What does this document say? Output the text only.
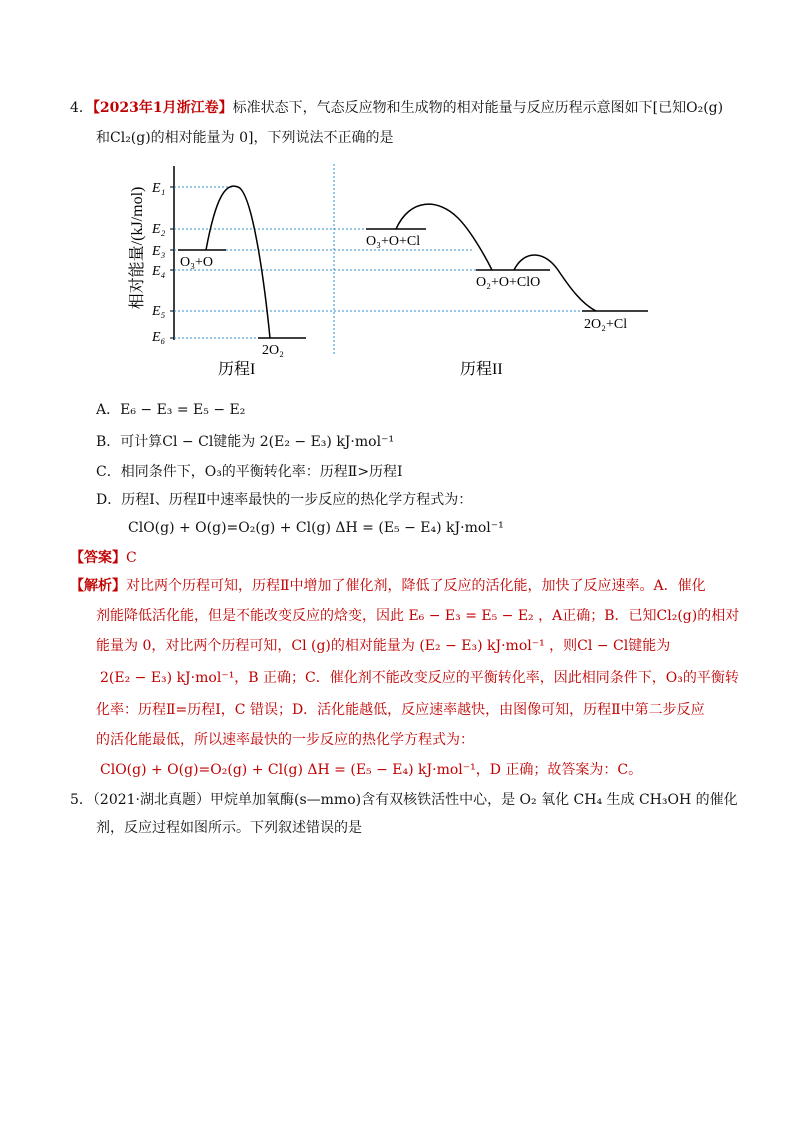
4．【2023年1月浙江卷】标准状态下，气态反应物和生成物的相对能量与反应历程示意图如下[已知O₂(g)
和Cl₂(g)的相对能量为 0]，下列说法不正确的是
相对能量/(kJ/mol) E₁
E₂
E₃
E₄
E₅
E₆
O₃+O
2O₂
历程I
O₃+O+Cl
O₂+O+ClO
2O₂+Cl
历程II
A．E₆ − E₃ = E₅ − E₂
B．可计算Cl − Cl键能为 2(E₂ − E₃) kJ·mol⁻¹
C．相同条件下，O₃的平衡转化率：历程Ⅱ>历程Ⅰ
D．历程Ⅰ、历程Ⅱ中速率最快的一步反应的热化学方程式为：
ClO(g) + O(g)=O₂(g) + Cl(g) ΔH = (E₅ − E₄) kJ·mol⁻¹
【答案】C
【解析】对比两个历程可知，历程Ⅱ中增加了催化剂，降低了反应的活化能，加快了反应速率。A．催化
剂能降低活化能，但是不能改变反应的焓变，因此 E₆ − E₃ = E₅ − E₂ ，A正确；B．已知Cl₂(g)的相对
能量为 0，对比两个历程可知，Cl (g)的相对能量为 (E₂ − E₃) kJ·mol⁻¹ ，则Cl − Cl键能为
2(E₂ − E₃) kJ·mol⁻¹，B 正确；C．催化剂不能改变反应的平衡转化率，因此相同条件下，O₃的平衡转
化率：历程Ⅱ=历程Ⅰ，C 错误；D．活化能越低，反应速率越快，由图像可知，历程Ⅱ中第二步反应
的活化能最低，所以速率最快的一步反应的热化学方程式为：
ClO(g) + O(g)=O₂(g) + Cl(g) ΔH = (E₅ − E₄) kJ·mol⁻¹，D 正确；故答案为：C。
5．（2021·湖北真题）甲烷单加氧酶(s—mmo)含有双核铁活性中心，是 O₂ 氧化 CH₄ 生成 CH₃OH 的催化
剂，反应过程如图所示。下列叙述错误的是
